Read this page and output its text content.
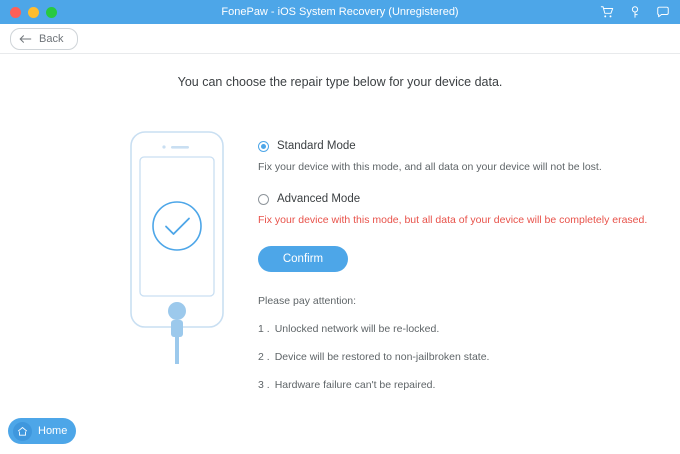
FonePaw - iOS System Recovery (Unregistered)
Back
You can choose the repair type below for your device data.
Standard Mode

Fix your device with this mode, and all data on your device will not be lost.

Advanced Mode

Fix your device with this mode, but all data of your device will be completely erased.

Confirm
Please pay attention:
1 . Unlocked network will be re-locked.
2 . Device will be restored to non-jailbroken state.
3 . Hardware failure can't be repaired.
Home
